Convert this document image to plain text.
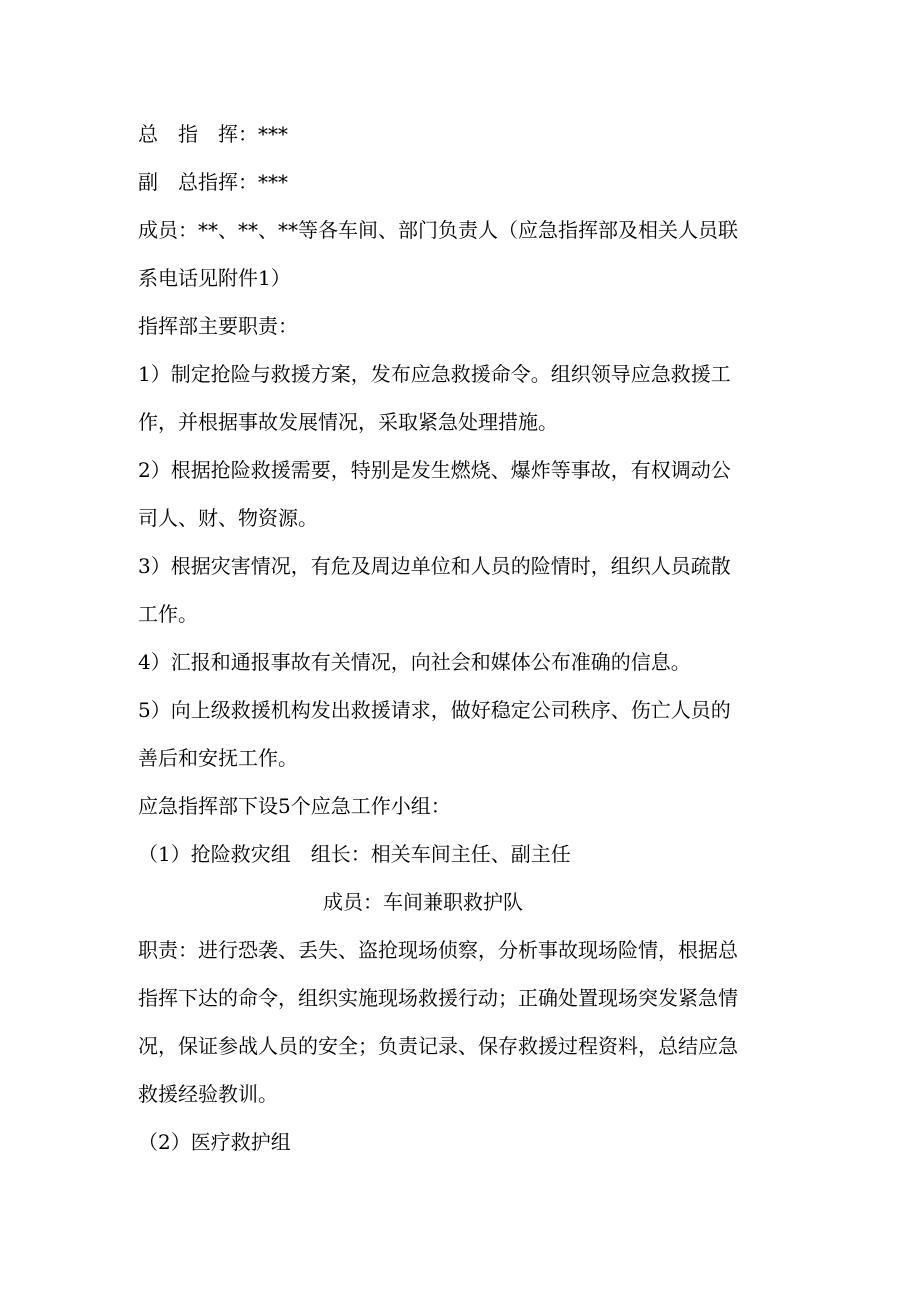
总　指　挥：***
副　总指挥：***
成员：**、**、**等各车间、部门负责人（应急指挥部及相关人员联
系电话见附件1）
指挥部主要职责：
1）制定抢险与救援方案，发布应急救援命令。组织领导应急救援工
作，并根据事故发展情况，采取紧急处理措施。
2）根据抢险救援需要，特别是发生燃烧、爆炸等事故，有权调动公
司人、财、物资源。
3）根据灾害情况，有危及周边单位和人员的险情时，组织人员疏散
工作。
4）汇报和通报事故有关情况，向社会和媒体公布准确的信息。
5）向上级救援机构发出救援请求，做好稳定公司秩序、伤亡人员的
善后和安抚工作。
应急指挥部下设5个应急工作小组：
（1）抢险救灾组　组长：相关车间主任、副主任
成员：车间兼职救护队
职责：进行恐袭、丢失、盗抢现场侦察，分析事故现场险情，根据总
指挥下达的命令，组织实施现场救援行动；正确处置现场突发紧急情
况，保证参战人员的安全；负责记录、保存救援过程资料，总结应急
救援经验教训。
（2）医疗救护组
